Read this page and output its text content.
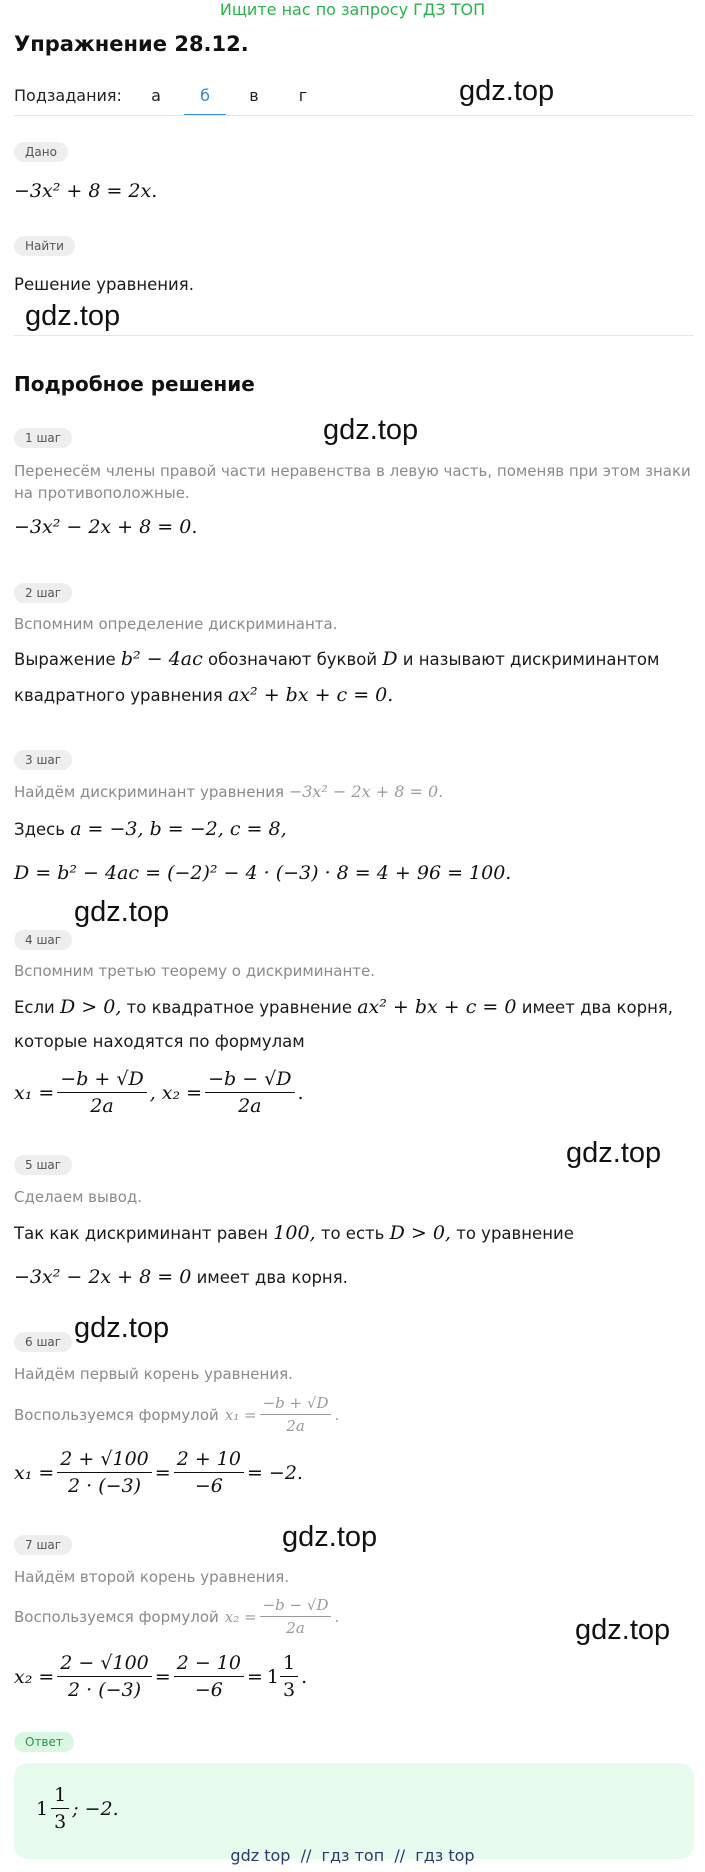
Ищите нас по запросу ГДЗ ТОП
Упражнение 28.12.
Подзадания:	а	б	в	г	gdz.top
gdz.top
gdz.top
gdz.top
gdz.top
gdz.top
gdz.top
gdz.top
Дано
−3x² + 8 = 2x.
Найти
Решение уравнения.
Подробное решение
1 шаг
Перенесём члены правой части неравенства в левую часть, поменяв при этом знаки на противоположные.
−3x² − 2x + 8 = 0.
2 шаг
Вспомним определение дискриминанта.
Выражение b² − 4ac обозначают буквой D и называют дискриминантом
квадратного уравнения ax² + bx + c = 0.
3 шаг
Найдём дискриминант уравнения −3x² − 2x + 8 = 0.
Здесь a = −3, b = −2, c = 8,
D = b² − 4ac = (−2)² − 4 · (−3) · 8 = 4 + 96 = 100.
4 шаг
Вспомним третью теорему о дискриминанте.
Если D > 0, то квадратное уравнение ax² + bx + c = 0 имеет два корня,
которые находятся по формулам
$x_1 = \frac{-b + √D}{2a}$ , $x_2 = \frac{-b - √D}{2a}$ .
5 шаг
Сделаем вывод.
Так как дискриминант равен 100, то есть D > 0, то уравнение
−3x² − 2x + 8 = 0 имеет два корня.
6 шаг
Найдём первый корень уравнения.
Воспользуемся формулой $x_1 = \frac{-b + √D}{2a}$ .
$x_1 = \frac{2 + √100}{2 \cdot (-3)} = \frac{2 + 10}{-6} = -2$.
7 шаг
Найдём второй корень уравнения.
Воспользуемся формулой $x_2 = \frac{-b - √D}{2a}$ .
$x_2 = \frac{2 - √100}{2 \cdot (-3)} = \frac{2 - 10}{-6} = 1 \frac{1}{3}$ .
Ответ
$1 \frac{1}{3}$ ; −2.
gdz top  //  гдз топ  //  гдз top
